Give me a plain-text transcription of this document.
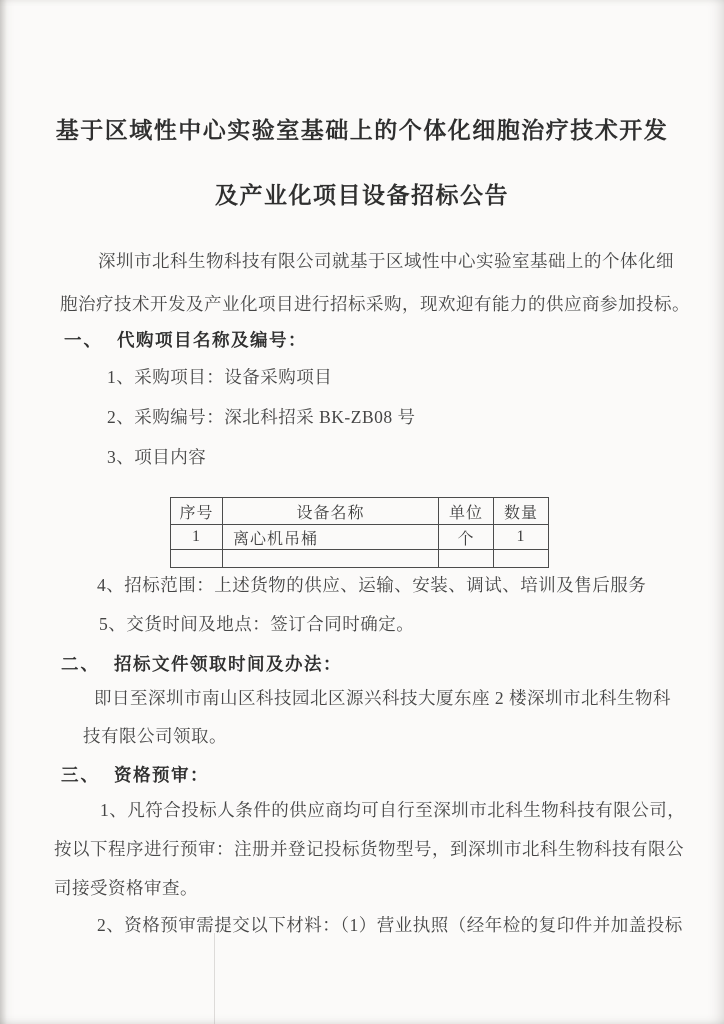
基于区域性中心实验室基础上的个体化细胞治疗技术开发
及产业化项目设备招标公告
深圳市北科生物科技有限公司就基于区域性中心实验室基础上的个体化细
胞治疗技术开发及产业化项目进行招标采购，现欢迎有能力的供应商参加投标。
一、 代购项目名称及编号：
1、采购项目：设备采购项目
2、采购编号：深北科招采 BK-ZB08 号
3、项目内容
序号	设备名称	单位	数量
1	离心机吊桶	个	1

4、招标范围：上述货物的供应、运输、安装、调试、培训及售后服务
5、交货时间及地点：签订合同时确定。
二、 招标文件领取时间及办法：
即日至深圳市南山区科技园北区源兴科技大厦东座 2 楼深圳市北科生物科
技有限公司领取。
三、 资格预审：
1、凡符合投标人条件的供应商均可自行至深圳市北科生物科技有限公司，
按以下程序进行预审：注册并登记投标货物型号，到深圳市北科生物科技有限公
司接受资格审查。
2、资格预审需提交以下材料：（1）营业执照（经年检的复印件并加盖投标
